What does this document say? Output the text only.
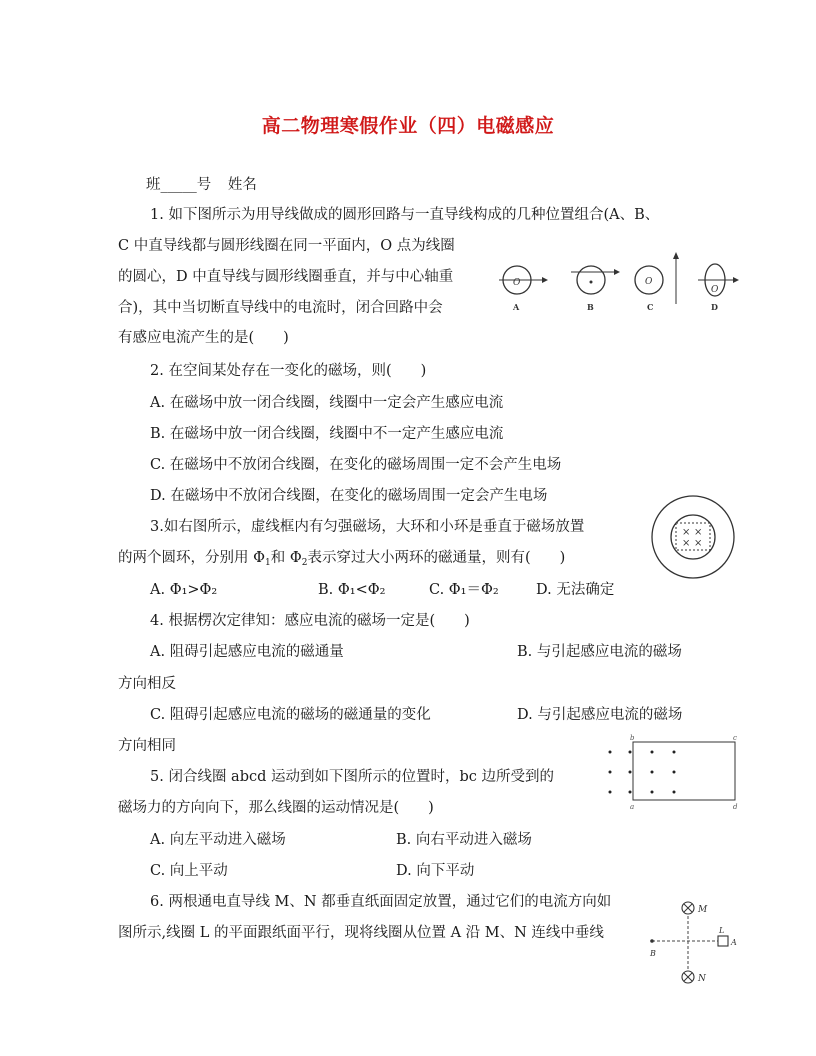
高二物理寒假作业（四）电磁感应
班_____号 姓名
1. 如下图所示为用导线做成的圆形回路与一直导线构成的几种位置组合(A、B、
C 中直导线都与圆形线圈在同一平面内，O 点为线圈
的圆心，D 中直导线与圆形线圈垂直，并与中心轴重
合)，其中当切断直导线中的电流时，闭合回路中会
有感应电流产生的是(　　)
O
A	B
O
C
O
D
2. 在空间某处存在一变化的磁场，则(　　)
A. 在磁场中放一闭合线圈，线圈中一定会产生感应电流
B. 在磁场中放一闭合线圈，线圈中不一定产生感应电流
C. 在磁场中不放闭合线圈，在变化的磁场周围一定不会产生电场
D. 在磁场中不放闭合线圈，在变化的磁场周围一定会产生电场
3.如右图所示，虚线框内有匀强磁场，大环和小环是垂直于磁场放置
的两个圆环，分别用 $\Phi_1$和 $\Phi_2$表示穿过大小两环的磁通量，则有(　　)
A. Φ₁>Φ₂	B. Φ₁<Φ₂	C. Φ₁＝Φ₂	D. 无法确定
× ×
× ×
4. 根据楞次定律知：感应电流的磁场一定是(　　)
A. 阻碍引起感应电流的磁通量	B. 与引起感应电流的磁场
方向相反
C. 阻碍引起感应电流的磁场的磁通量的变化	D. 与引起感应电流的磁场
方向相同	b	c
a	d
5. 闭合线圈 abcd 运动到如下图所示的位置时，bc 边所受到的
磁场力的方向向下，那么线圈的运动情况是(　　)
A. 向左平动进入磁场	B. 向右平动进入磁场
C. 向上平动	D. 向下平动
6. 两根通电直导线 M、N 都垂直纸面固定放置，通过它们的电流方向如
图所示,线圈 L 的平面跟纸面平行，现将线圈从位置 A 沿 M、N 连线中垂线
M
N
L
A
B
